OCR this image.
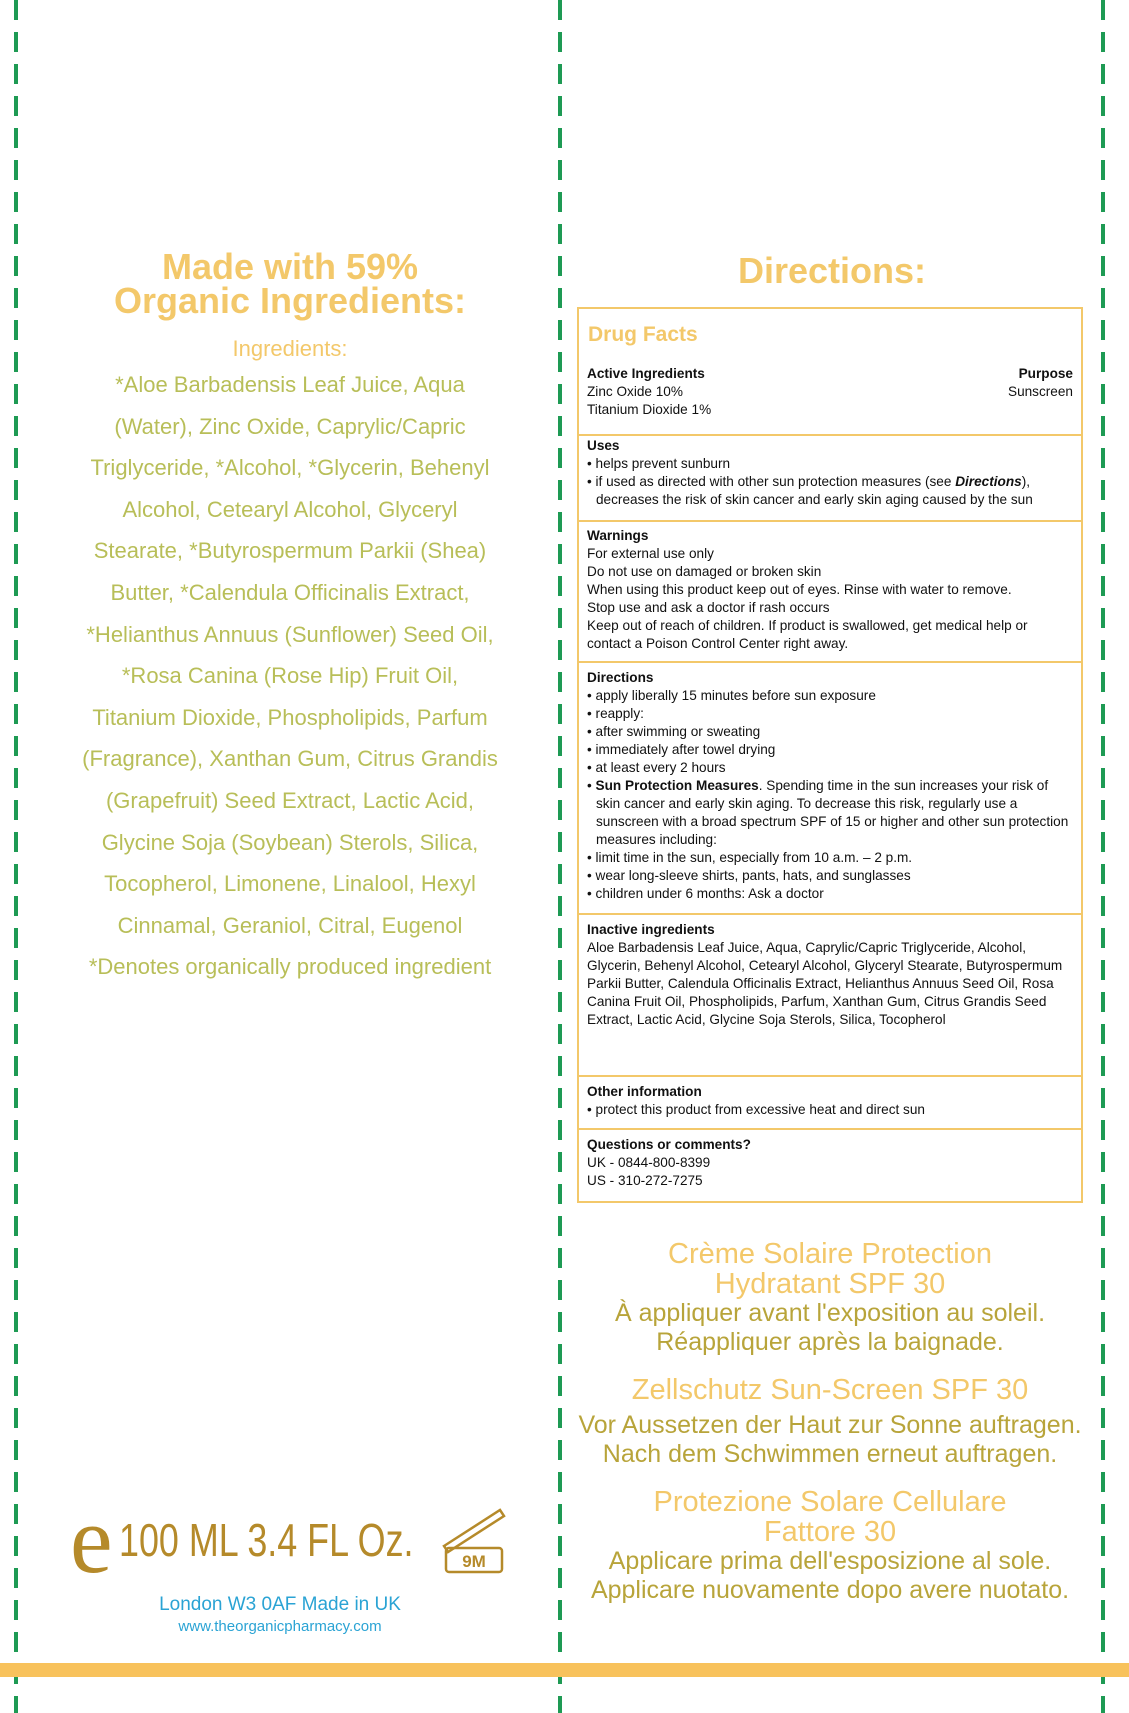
Made with 59%
Organic Ingredients:
Ingredients:
*Aloe Barbadensis Leaf Juice, Aqua
(Water), Zinc Oxide, Caprylic/Capric
Triglyceride, *Alcohol, *Glycerin, Behenyl
Alcohol, Cetearyl Alcohol, Glyceryl
Stearate, *Butyrospermum Parkii (Shea)
Butter, *Calendula Officinalis Extract,
*Helianthus Annuus (Sunflower) Seed Oil,
*Rosa Canina (Rose Hip) Fruit Oil,
Titanium Dioxide, Phospholipids, Parfum
(Fragrance), Xanthan Gum, Citrus Grandis
(Grapefruit) Seed Extract, Lactic Acid,
Glycine Soja (Soybean) Sterols, Silica,
Tocopherol, Limonene, Linalool, Hexyl
Cinnamal, Geraniol, Citral, Eugenol
*Denotes organically produced ingredient
e 100 ML 3.4 FL Oz.	9M
London W3 0AF Made in UK
www.theorganicpharmacy.com
Directions:
Drug Facts
Active Ingredients	Purpose
Zinc Oxide 10%	Sunscreen
Titanium Dioxide 1%
Uses
• helps prevent sunburn
• if used as directed with other sun protection measures (see Directions), decreases the risk of skin cancer and early skin aging caused by the sun
Warnings
For external use only
Do not use on damaged or broken skin
When using this product keep out of eyes. Rinse with water to remove.
Stop use and ask a doctor if rash occurs
Keep out of reach of children. If product is swallowed, get medical help or contact a Poison Control Center right away.
Directions
• apply liberally 15 minutes before sun exposure
• reapply:
• after swimming or sweating
• immediately after towel drying
• at least every 2 hours
• Sun Protection Measures. Spending time in the sun increases your risk of skin cancer and early skin aging. To decrease this risk, regularly use a sunscreen with a broad spectrum SPF of 15 or higher and other sun protection measures including:
• limit time in the sun, especially from 10 a.m. – 2 p.m.
• wear long-sleeve shirts, pants, hats, and sunglasses
• children under 6 months: Ask a doctor
Inactive ingredients
Aloe Barbadensis Leaf Juice, Aqua, Caprylic/Capric Triglyceride, Alcohol, Glycerin, Behenyl Alcohol, Cetearyl Alcohol, Glyceryl Stearate, Butyrospermum Parkii Butter, Calendula Officinalis Extract, Helianthus Annuus Seed Oil, Rosa Canina Fruit Oil, Phospholipids, Parfum, Xanthan Gum, Citrus Grandis Seed Extract, Lactic Acid, Glycine Soja Sterols, Silica, Tocopherol
Other information
• protect this product from excessive heat and direct sun
Questions or comments?
UK - 0844-800-8399
US - 310-272-7275
Crème Solaire Protection
Hydratant SPF 30
À appliquer avant l'exposition au soleil.
Réappliquer après la baignade.
Zellschutz Sun-Screen SPF 30
Vor Aussetzen der Haut zur Sonne auftragen.
Nach dem Schwimmen erneut auftragen.
Protezione Solare Cellulare
Fattore 30
Applicare prima dell'esposizione al sole.
Applicare nuovamente dopo avere nuotato.
